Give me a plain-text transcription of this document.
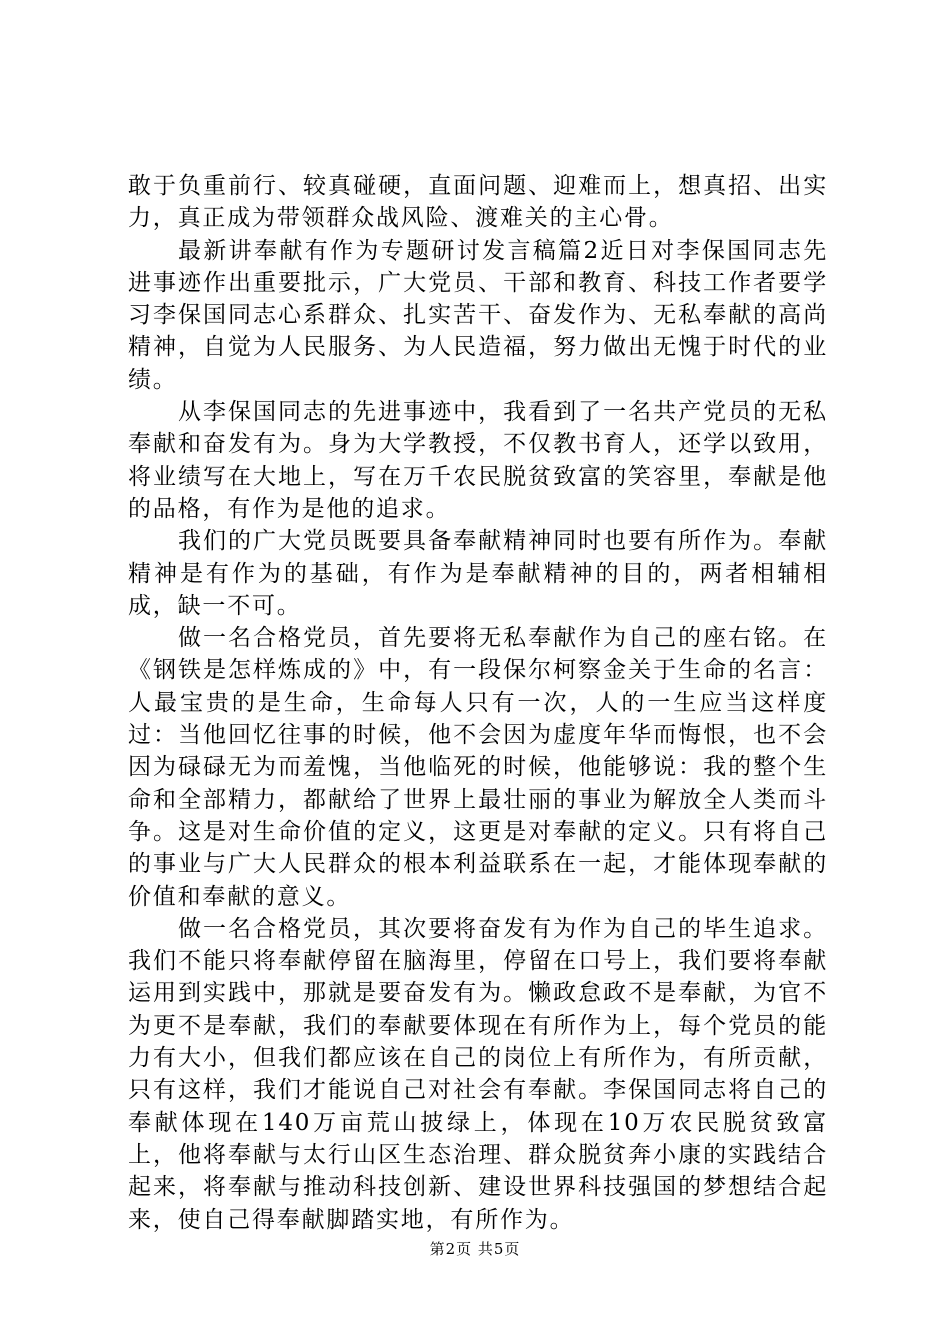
敢于负重前行、较真碰硬，直面问题、迎难而上，想真招、出实力，真正成为带领群众战风险、渡难关的主心骨。

最新讲奉献有作为专题研讨发言稿篇2近日对李保国同志先进事迹作出重要批示，广大党员、干部和教育、科技工作者要学习李保国同志心系群众、扎实苦干、奋发作为、无私奉献的高尚精神，自觉为人民服务、为人民造福，努力做出无愧于时代的业绩。

从李保国同志的先进事迹中，我看到了一名共产党员的无私奉献和奋发有为。身为大学教授，不仅教书育人，还学以致用，将业绩写在大地上，写在万千农民脱贫致富的笑容里，奉献是他的品格，有作为是他的追求。

我们的广大党员既要具备奉献精神同时也要有所作为。奉献精神是有作为的基础，有作为是奉献精神的目的，两者相辅相成，缺一不可。

做一名合格党员，首先要将无私奉献作为自己的座右铭。在《钢铁是怎样炼成的》中，有一段保尔柯察金关于生命的名言：人最宝贵的是生命，生命每人只有一次，人的一生应当这样度过：当他回忆往事的时候，他不会因为虚度年华而悔恨，也不会因为碌碌无为而羞愧，当他临死的时候，他能够说：我的整个生命和全部精力，都献给了世界上最壮丽的事业为解放全人类而斗争。这是对生命价值的定义，这更是对奉献的定义。只有将自己的事业与广大人民群众的根本利益联系在一起，才能体现奉献的价值和奉献的意义。

做一名合格党员，其次要将奋发有为作为自己的毕生追求。我们不能只将奉献停留在脑海里，停留在口号上，我们要将奉献运用到实践中，那就是要奋发有为。懒政怠政不是奉献，为官不为更不是奉献，我们的奉献要体现在有所作为上，每个党员的能力有大小，但我们都应该在自己的岗位上有所作为，有所贡献，只有这样，我们才能说自己对社会有奉献。李保国同志将自己的奉献体现在140万亩荒山披绿上，体现在10万农民脱贫致富上，他将奉献与太行山区生态治理、群众脱贫奔小康的实践结合起来，将奉献与推动科技创新、建设世界科技强国的梦想结合起来，使自己得奉献脚踏实地，有所作为。

第2页 共5页
